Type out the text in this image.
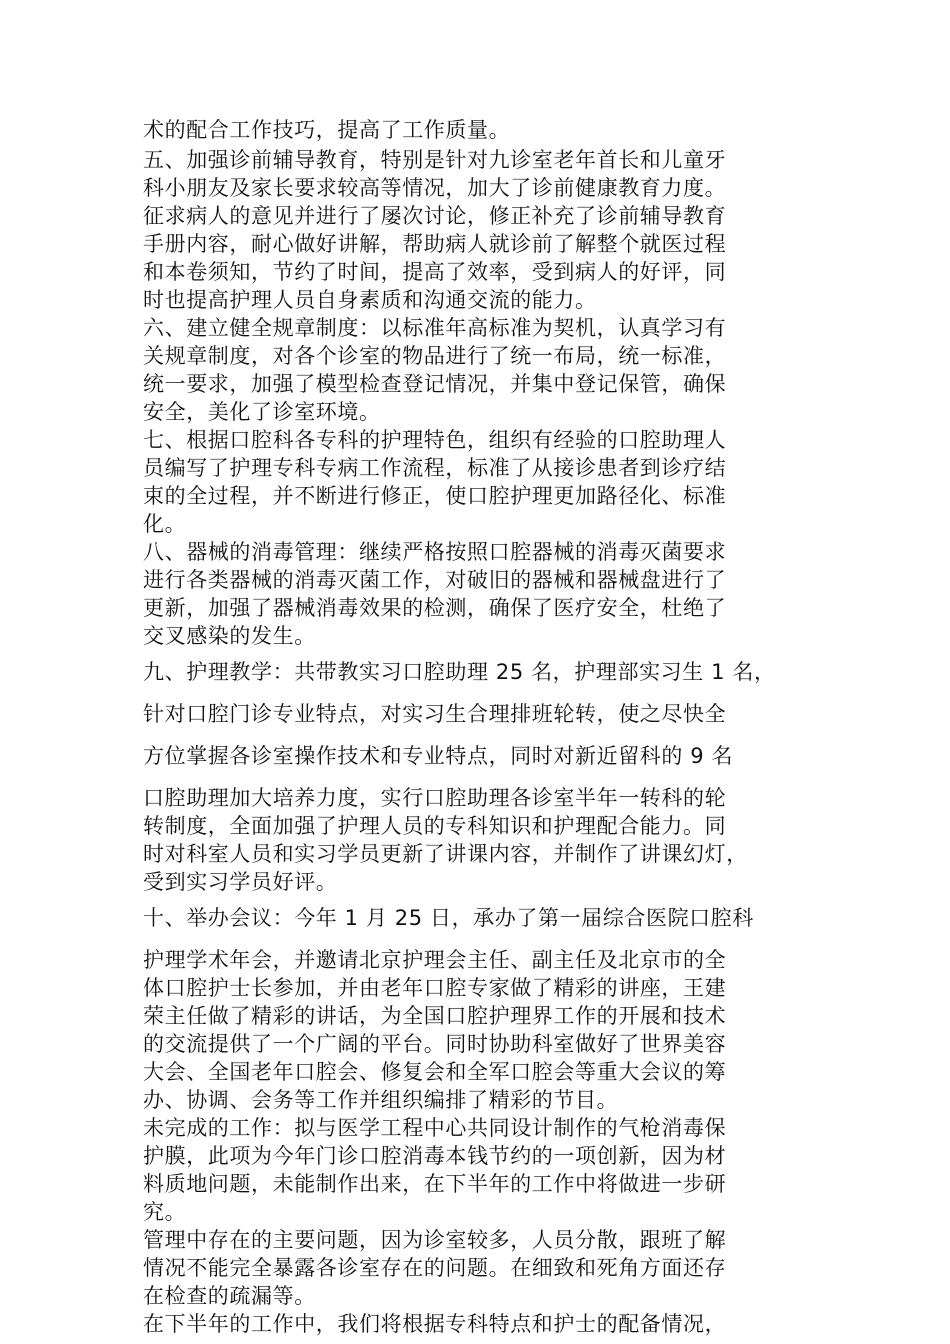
术的配合工作技巧，提高了工作质量。

五、加强诊前辅导教育，特别是针对九诊室老年首长和儿童牙

科小朋友及家长要求较高等情况，加大了诊前健康教育力度。

征求病人的意见并进行了屡次讨论，修正补充了诊前辅导教育

手册内容，耐心做好讲解，帮助病人就诊前了解整个就医过程

和本卷须知，节约了时间，提高了效率，受到病人的好评，同

时也提高护理人员自身素质和沟通交流的能力。

六、建立健全规章制度：以标准年高标准为契机，认真学习有

关规章制度，对各个诊室的物品进行了统一布局，统一标准，

统一要求，加强了模型检查登记情况，并集中登记保管，确保

安全，美化了诊室环境。

七、根据口腔科各专科的护理特色，组织有经验的口腔助理人

员编写了护理专科专病工作流程，标准了从接诊患者到诊疗结

束的全过程，并不断进行修正，使口腔护理更加路径化、标准

化。

八、器械的消毒管理：继续严格按照口腔器械的消毒灭菌要求

进行各类器械的消毒灭菌工作，对破旧的器械和器械盘进行了

更新，加强了器械消毒效果的检测，确保了医疗安全，杜绝了

交叉感染的发生。

九、护理教学：共带教实习口腔助理 25 名，护理部实习生 1 名，

针对口腔门诊专业特点，对实习生合理排班轮转，使之尽快全

方位掌握各诊室操作技术和专业特点，同时对新近留科的 9 名

口腔助理加大培养力度，实行口腔助理各诊室半年一转科的轮

转制度，全面加强了护理人员的专科知识和护理配合能力。同

时对科室人员和实习学员更新了讲课内容，并制作了讲课幻灯，

受到实习学员好评。

十、举办会议：今年 1 月 25 日，承办了第一届综合医院口腔科

护理学术年会，并邀请北京护理会主任、副主任及北京市的全

体口腔护士长参加，并由老年口腔专家做了精彩的讲座，王建

荣主任做了精彩的讲话，为全国口腔护理界工作的开展和技术

的交流提供了一个广阔的平台。同时协助科室做好了世界美容

大会、全国老年口腔会、修复会和全军口腔会等重大会议的筹

办、协调、会务等工作并组织编排了精彩的节目。

未完成的工作：拟与医学工程中心共同设计制作的气枪消毒保

护膜，此项为今年门诊口腔消毒本钱节约的一项创新，因为材

料质地问题，未能制作出来，在下半年的工作中将做进一步研

究。

管理中存在的主要问题，因为诊室较多，人员分散，跟班了解

情况不能完全暴露各诊室存在的问题。在细致和死角方面还存

在检查的疏漏等。

在下半年的工作中，我们将根据专科特点和护士的配备情况，
